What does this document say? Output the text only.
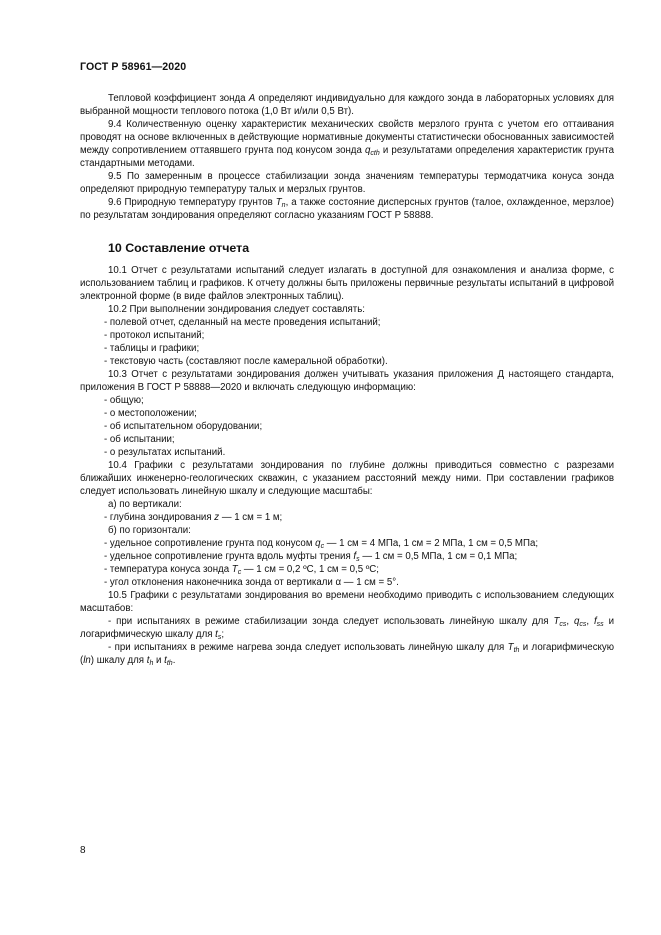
ГОСТ Р 58961—2020

Тепловой коэффициент зонда А определяют индивидуально для каждого зонда в лабораторных условиях для выбранной мощности теплового потока (1,0 Вт и/или 0,5 Вт).

9.4 Количественную оценку характеристик механических свойств мерзлого грунта с учетом его оттаивания проводят на основе включенных в действующие нормативные документы статистически обоснованных зависимостей между сопротивлением оттаявшего грунта под конусом зонда $q_{cth}$ и результатами определения характеристик грунта стандартными методами.

9.5 По замеренным в процессе стабилизации зонда значениям температуры термодатчика конуса зонда определяют природную температуру талых и мерзлых грунтов.

9.6 Природную температуру грунтов $T_n$, а также состояние дисперсных грунтов (талое, охлажденное, мерзлое) по результатам зондирования определяют согласно указаниям ГОСТ Р 58888.

10 Составление отчета

10.1 Отчет с результатами испытаний следует излагать в доступной для ознакомления и анализа форме, с использованием таблиц и графиков. К отчету должны быть приложены первичные результаты испытаний в цифровой электронной форме (в виде файлов электронных таблиц).

10.2 При выполнении зондирования следует составлять:

- полевой отчет, сделанный на месте проведения испытаний;

- протокол испытаний;

- таблицы и графики;

- текстовую часть (составляют после камеральной обработки).

10.3 Отчет с результатами зондирования должен учитывать указания приложения Д настоящего стандарта, приложения В ГОСТ Р 58888—2020 и включать следующую информацию:

- общую;

- о местоположении;

- об испытательном оборудовании;

- об испытании;

- о результатах испытаний.

10.4 Графики с результатами зондирования по глубине должны приводиться совместно с разрезами ближайших инженерно-геологических скважин, с указанием расстояний между ними. При составлении графиков следует использовать линейную шкалу и следующие масштабы:

а) по вертикали:

- глубина зондирования z — 1 см = 1 м;

б) по горизонтали:

- удельное сопротивление грунта под конусом $q_c$ — 1 см = 4 МПа, 1 см = 2 МПа, 1 см = 0,5 МПа;

- удельное сопротивление грунта вдоль муфты трения $f_s$ — 1 см = 0,5 МПа, 1 см = 0,1 МПа;

- температура конуса зонда $T_c$ — 1 см = 0,2 ºС, 1 см = 0,5 ºС;

- угол отклонения наконечника зонда от вертикали α — 1 см = 5°.

10.5 Графики с результатами зондирования во времени необходимо приводить с использованием следующих масштабов:

- при испытаниях в режиме стабилизации зонда следует использовать линейную шкалу для $T_{cs}$, $q_{cs}$, $f_{ss}$ и логарифмическую шкалу для $t_s$;

- при испытаниях в режиме нагрева зонда следует использовать линейную шкалу для $T_{th}$ и логарифмическую (ln) шкалу для $t_h$ и $t_{th}$.

8
